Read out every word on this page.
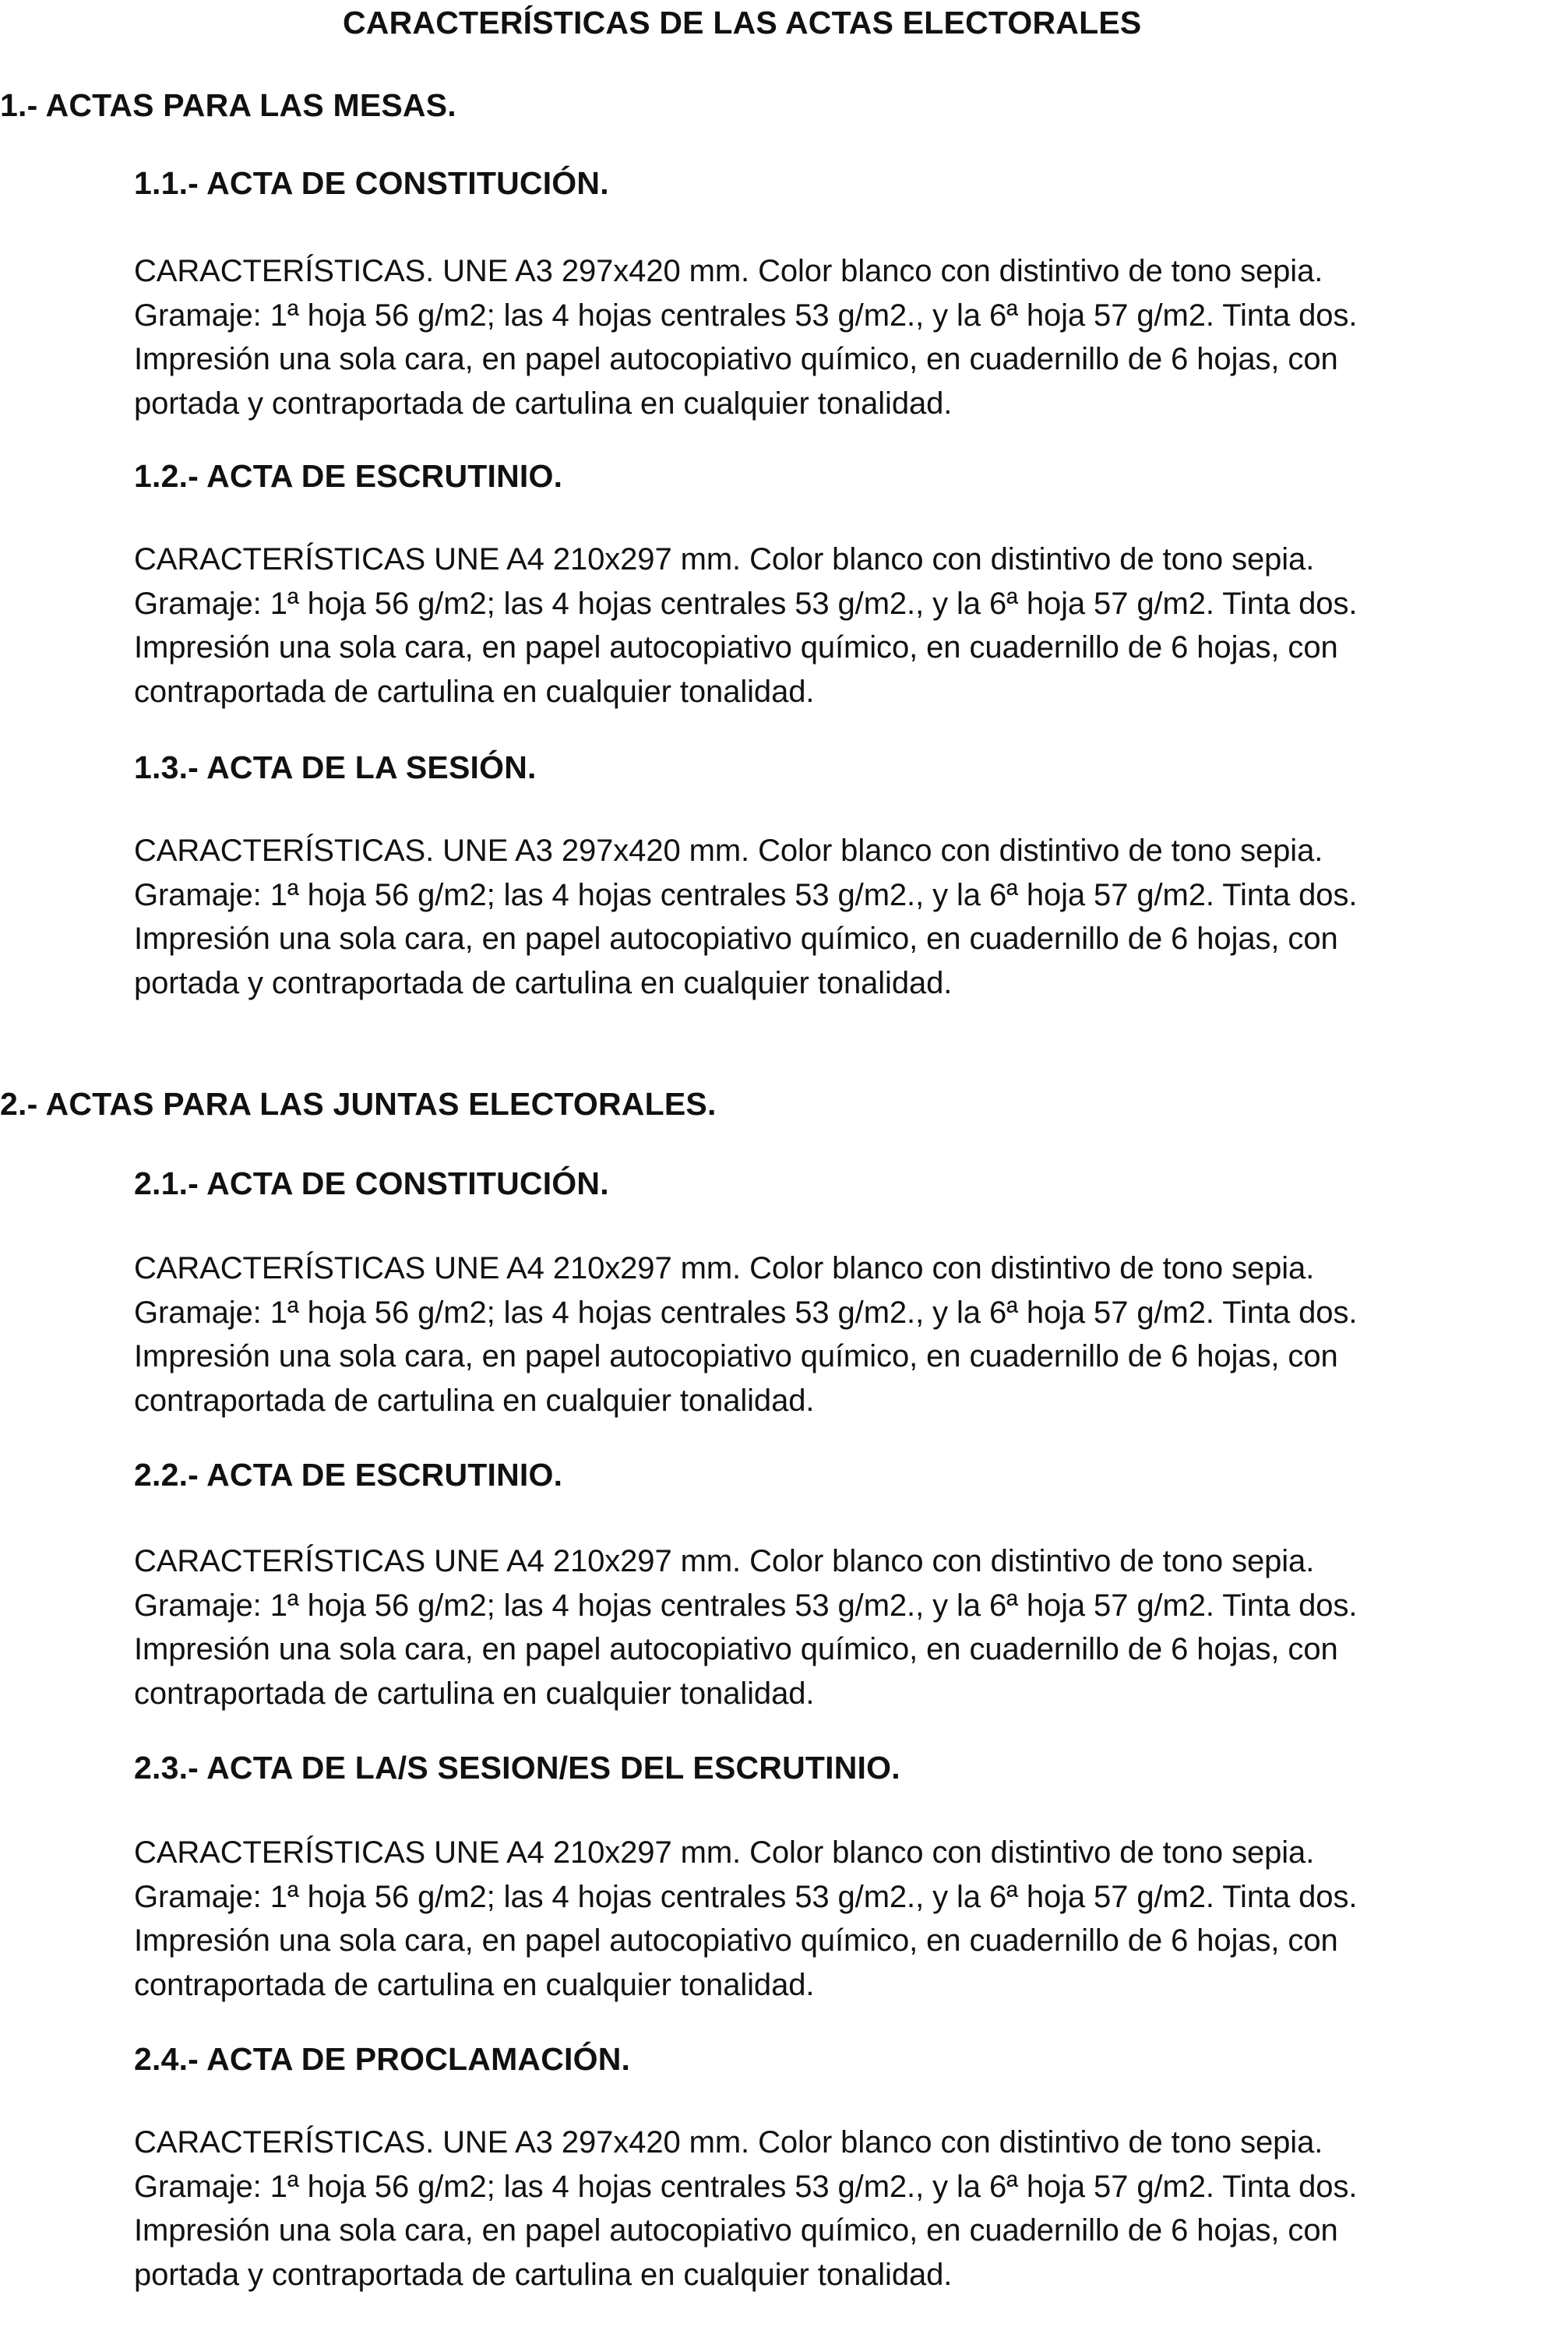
CARACTERÍSTICAS DE LAS ACTAS ELECTORALES
1.- ACTAS PARA LAS MESAS.
1.1.- ACTA DE CONSTITUCIÓN.
CARACTERÍSTICAS. UNE A3 297x420 mm. Color blanco con distintivo de tono sepia.
Gramaje: 1ª hoja 56 g/m2; las 4 hojas centrales 53 g/m2., y la 6ª hoja 57 g/m2. Tinta dos.
Impresión una sola cara, en papel autocopiativo químico, en cuadernillo de 6 hojas, con
portada y contraportada de cartulina en cualquier tonalidad.
1.2.- ACTA DE ESCRUTINIO.
CARACTERÍSTICAS UNE A4 210x297 mm. Color blanco con distintivo de tono sepia.
Gramaje: 1ª hoja 56 g/m2; las 4 hojas centrales 53 g/m2., y la 6ª hoja 57 g/m2. Tinta dos.
Impresión una sola cara, en papel autocopiativo químico, en cuadernillo de 6 hojas, con
contraportada de cartulina en cualquier tonalidad.
1.3.- ACTA DE LA SESIÓN.
CARACTERÍSTICAS. UNE A3 297x420 mm. Color blanco con distintivo de tono sepia.
Gramaje: 1ª hoja 56 g/m2; las 4 hojas centrales 53 g/m2., y la 6ª hoja 57 g/m2. Tinta dos.
Impresión una sola cara, en papel autocopiativo químico, en cuadernillo de 6 hojas, con
portada y contraportada de cartulina en cualquier tonalidad.
2.- ACTAS PARA LAS JUNTAS ELECTORALES.
2.1.- ACTA DE CONSTITUCIÓN.
CARACTERÍSTICAS UNE A4 210x297 mm. Color blanco con distintivo de tono sepia.
Gramaje: 1ª hoja 56 g/m2; las 4 hojas centrales 53 g/m2., y la 6ª hoja 57 g/m2. Tinta dos.
Impresión una sola cara, en papel autocopiativo químico, en cuadernillo de 6 hojas, con
contraportada de cartulina en cualquier tonalidad.
2.2.- ACTA DE ESCRUTINIO.
CARACTERÍSTICAS UNE A4 210x297 mm. Color blanco con distintivo de tono sepia.
Gramaje: 1ª hoja 56 g/m2; las 4 hojas centrales 53 g/m2., y la 6ª hoja 57 g/m2. Tinta dos.
Impresión una sola cara, en papel autocopiativo químico, en cuadernillo de 6 hojas, con
contraportada de cartulina en cualquier tonalidad.
2.3.- ACTA DE LA/S SESION/ES DEL ESCRUTINIO.
CARACTERÍSTICAS UNE A4 210x297 mm. Color blanco con distintivo de tono sepia.
Gramaje: 1ª hoja 56 g/m2; las 4 hojas centrales 53 g/m2., y la 6ª hoja 57 g/m2. Tinta dos.
Impresión una sola cara, en papel autocopiativo químico, en cuadernillo de 6 hojas, con
contraportada de cartulina en cualquier tonalidad.
2.4.- ACTA DE PROCLAMACIÓN.
CARACTERÍSTICAS. UNE A3 297x420 mm. Color blanco con distintivo de tono sepia.
Gramaje: 1ª hoja 56 g/m2; las 4 hojas centrales 53 g/m2., y la 6ª hoja 57 g/m2. Tinta dos.
Impresión una sola cara, en papel autocopiativo químico, en cuadernillo de 6 hojas, con
portada y contraportada de cartulina en cualquier tonalidad.
